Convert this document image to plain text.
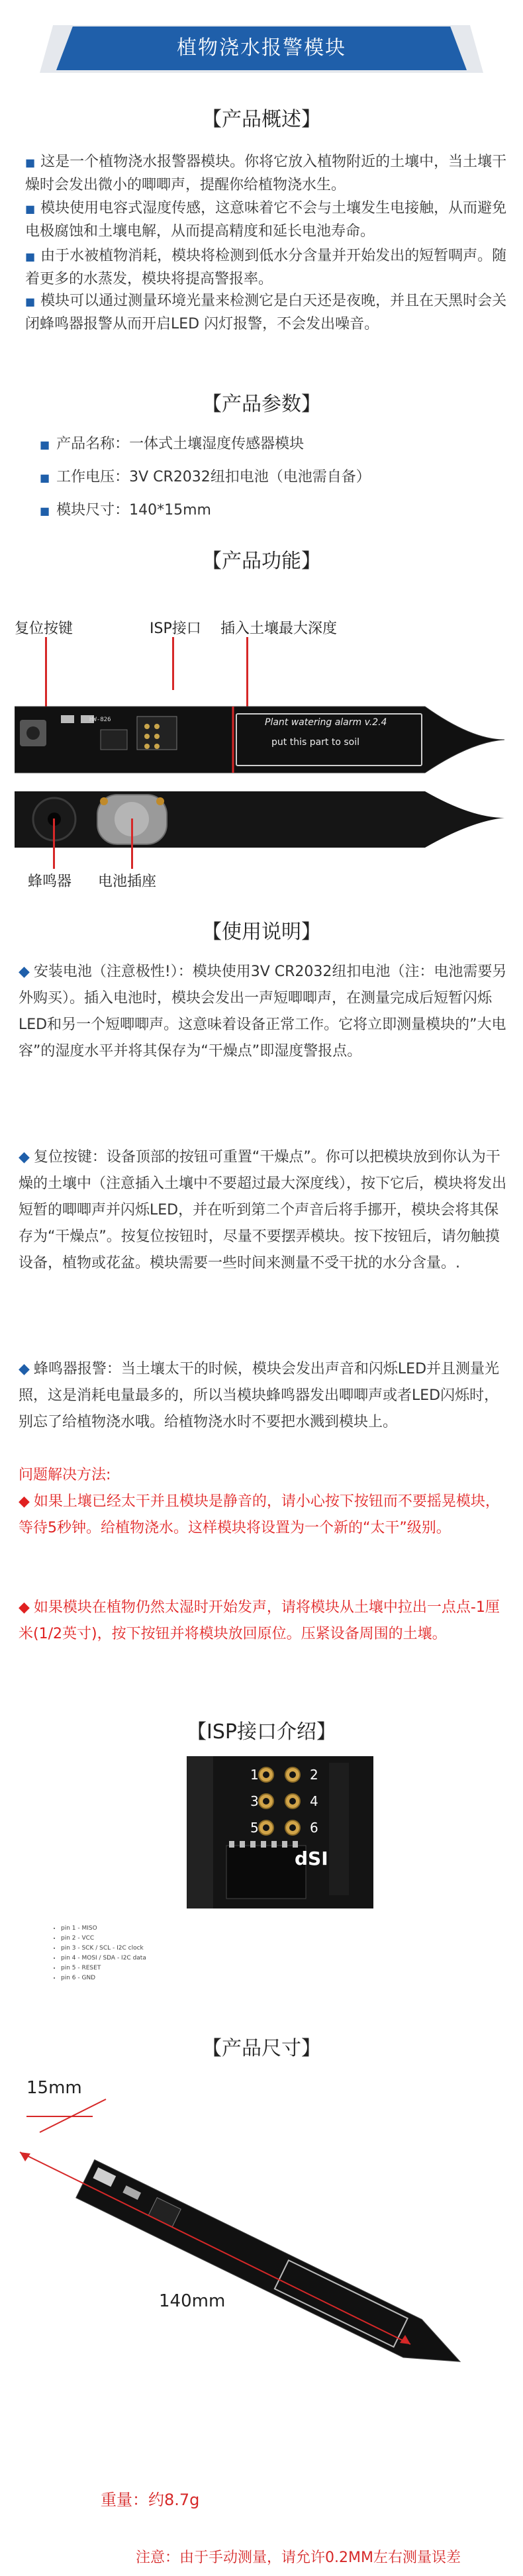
植物浇水报警模块
【产品概述】
■ 这是一个植物浇水报警器模块。你将它放入植物附近的土壤中，当土壤干燥时会发出微小的唧唧声，提醒你给植物浇水生。
■ 模块使用电容式湿度传感，这意味着它不会与土壤发生电接触，从而避免电极腐蚀和土壤电解，从而提高精度和延长电池寿命。
■ 由于水被植物消耗，模块将检测到低水分含量并开始发出的短暂啁声。随着更多的水蒸发，模块将提高警报率。
■ 模块可以通过测量环境光量来检测它是白天还是夜晚，并且在天黑时会关闭蜂鸣器报警从而开启LED 闪灯报警，不会发出噪音。
【产品参数】
■ 产品名称：一体式土壤湿度传感器模块
■ 工作电压：3V CR2032纽扣电池（电池需自备）
■ 模块尺寸：140*15mm
【产品功能】
复位按键	ISP接口 插入土壤最大深度
HW-826	Plant watering alarm v.2.4
put this part to soil
蜂鸣器 电池插座
【使用说明】
◆ 安装电池（注意极性!）：模块使用3V CR2032纽扣电池（注：电池需要另外购买）。插入电池时，模块会发出一声短唧唧声，在测量完成后短暂闪烁LED和另一个短唧唧声。这意味着设备正常工作。它将立即测量模块的”大电容”的湿度水平并将其保存为“干燥点”即湿度警报点。
◆ 复位按键：设备顶部的按钮可重置“干燥点”。你可以把模块放到你认为干燥的土壤中（注意插入土壤中不要超过最大深度线），按下它后，模块将发出短暂的唧唧声并闪烁LED，并在听到第二个声音后将手挪开，模块会将其保存为“干燥点”。按复位按钮时，尽量不要摆弄模块。按下按钮后，请勿触摸设备，植物或花盆。模块需要一些时间来测量不受干扰的水分含量。.
◆ 蜂鸣器报警：当土壤太干的时候，模块会发出声音和闪烁LED并且测量光照，这是消耗电量最多的，所以当模块蜂鸣器发出唧唧声或者LED闪烁时，别忘了给植物浇水哦。给植物浇水时不要把水溅到模块上。
问题解决方法:
◆ 如果上壤已经太干并且模块是静音的，请小心按下按钮而不要摇晃模块，等待5秒钟。给植物浇水。这样模块将设置为一个新的“太干”级别。
◆ 如果模块在植物仍然太湿时开始发声，请将模块从土壤中拉出一点点-1厘米(1/2英寸)，按下按钮并将模块放回原位。压紧设备周围的土壤。
【ISP接口介绍】
1	2
3	4
5	6
dSI
• pin 1 - MISO
• pin 2 - VCC
• pin 3 - SCK / SCL - I2C clock
• pin 4 - MOSI / SDA - I2C data
• pin 5 - RESET
• pin 6 - GND
【产品尺寸】
15mm
140mm
重量：约8.7g
注意：由于手动测量，请允许0.2MM左右测量误差
